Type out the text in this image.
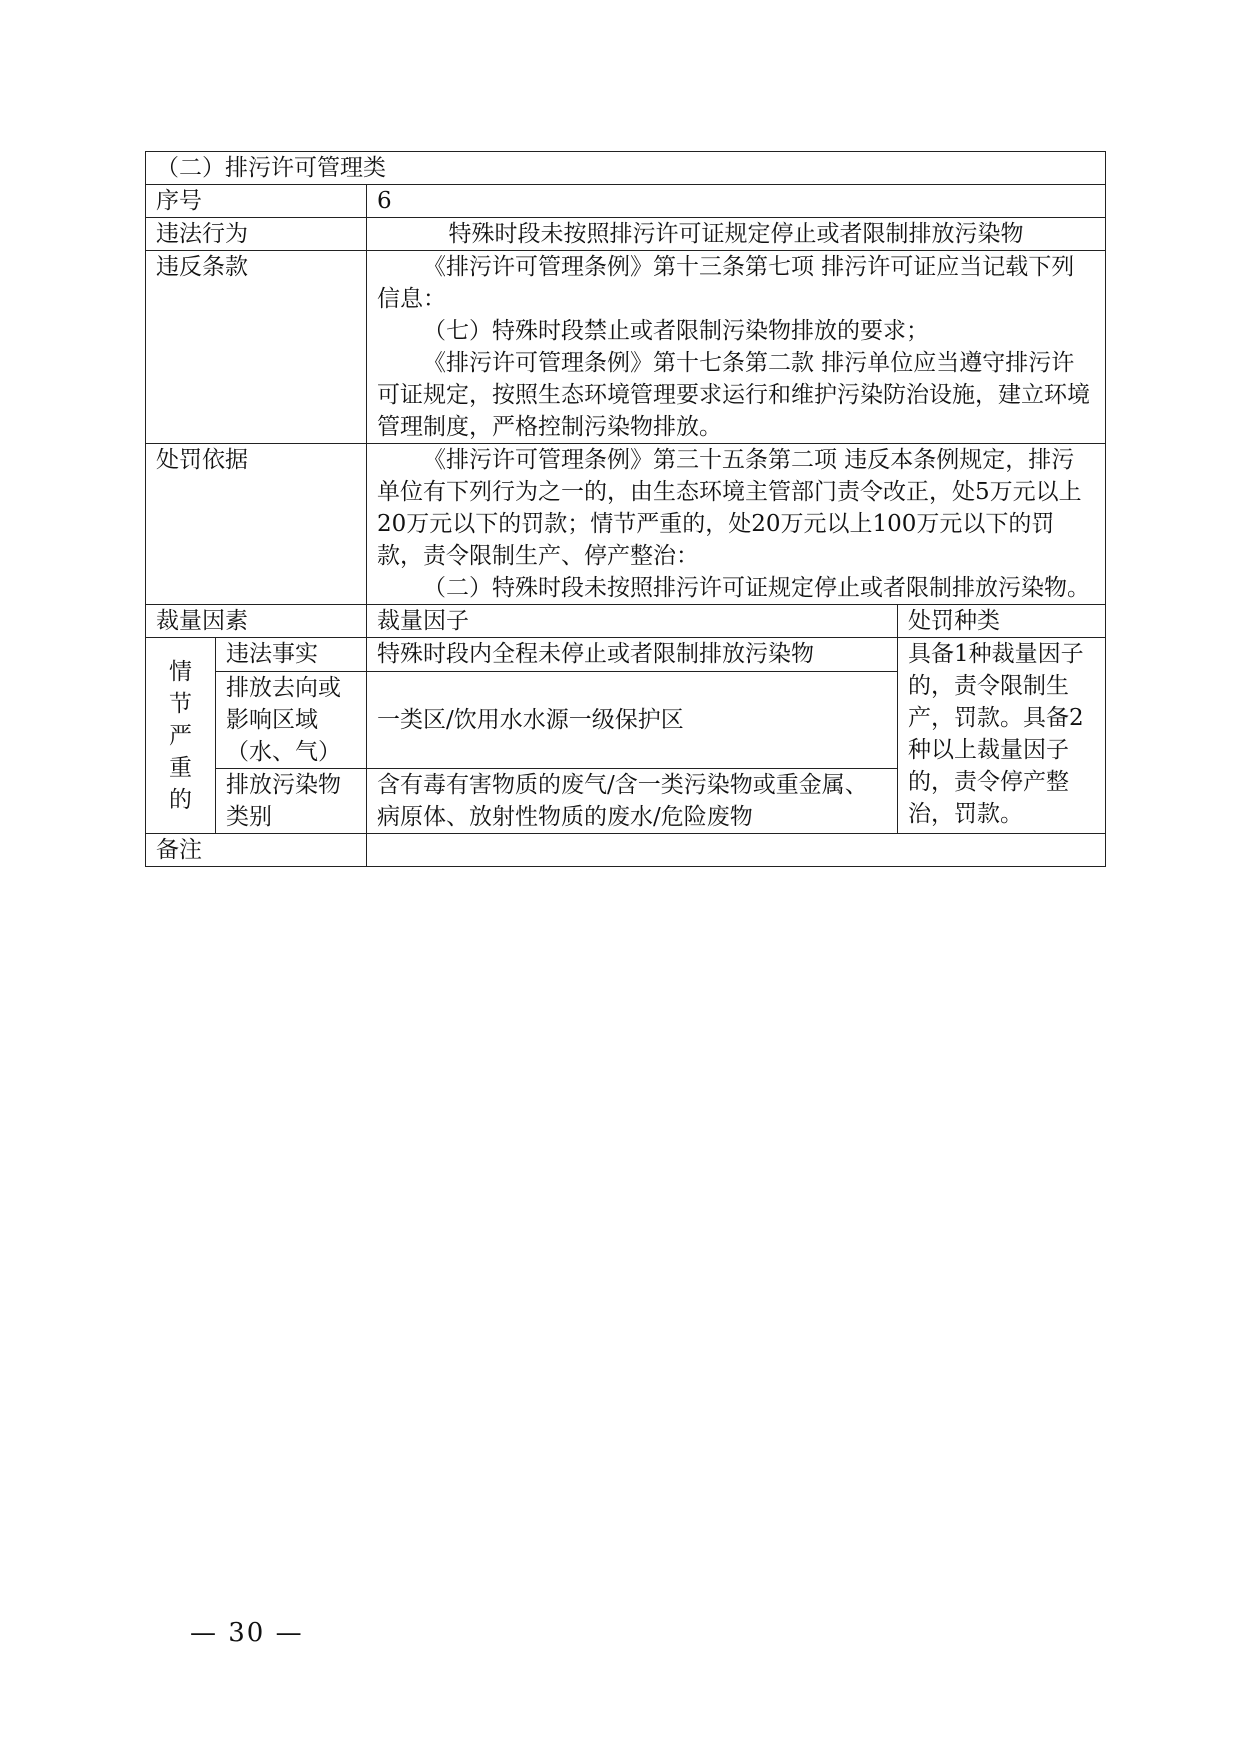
（二）排污许可管理类			
序号		6	
违法行为		特殊时段未按照排污许可证规定停止或者限制排放污染物	
违反条款		《排污许可管理条例》第十三条第七项 排污许可证应当记载下列信息：

（七）特殊时段禁止或者限制污染物排放的要求；

《排污许可管理条例》第十七条第二款 排污单位应当遵守排污许可证规定，按照生态环境管理要求运行和维护污染防治设施，建立环境管理制度，严格控制污染物排放。	

处罚依据		《排污许可管理条例》第三十五条第二项 违反本条例规定，排污单位有下列行为之一的，由生态环境主管部门责令改正，处5万元以上20万元以下的罚款；情节严重的，处20万元以上100万元以下的罚款，责令限制生产、停产整治：

（二）特殊时段未按照排污许可证规定停止或者限制排放污染物。	

裁量因素		裁量因子	处罚种类

情
节
严
重
的	违法事实	特殊时段内全程未停止或者限制排放污染物	具备1种裁量因子的，责令限制生产，罚款。具备2种以上裁量因子的，责令停产整治，罚款。
	排放去向或影响区域（水、气）	一类区/饮用水水源一级保护区	
	排放污染物类别	含有毒有害物质的废气/含一类污染物或重金属、病原体、放射性物质的废水/危险废物	
备注			
— 30 —
